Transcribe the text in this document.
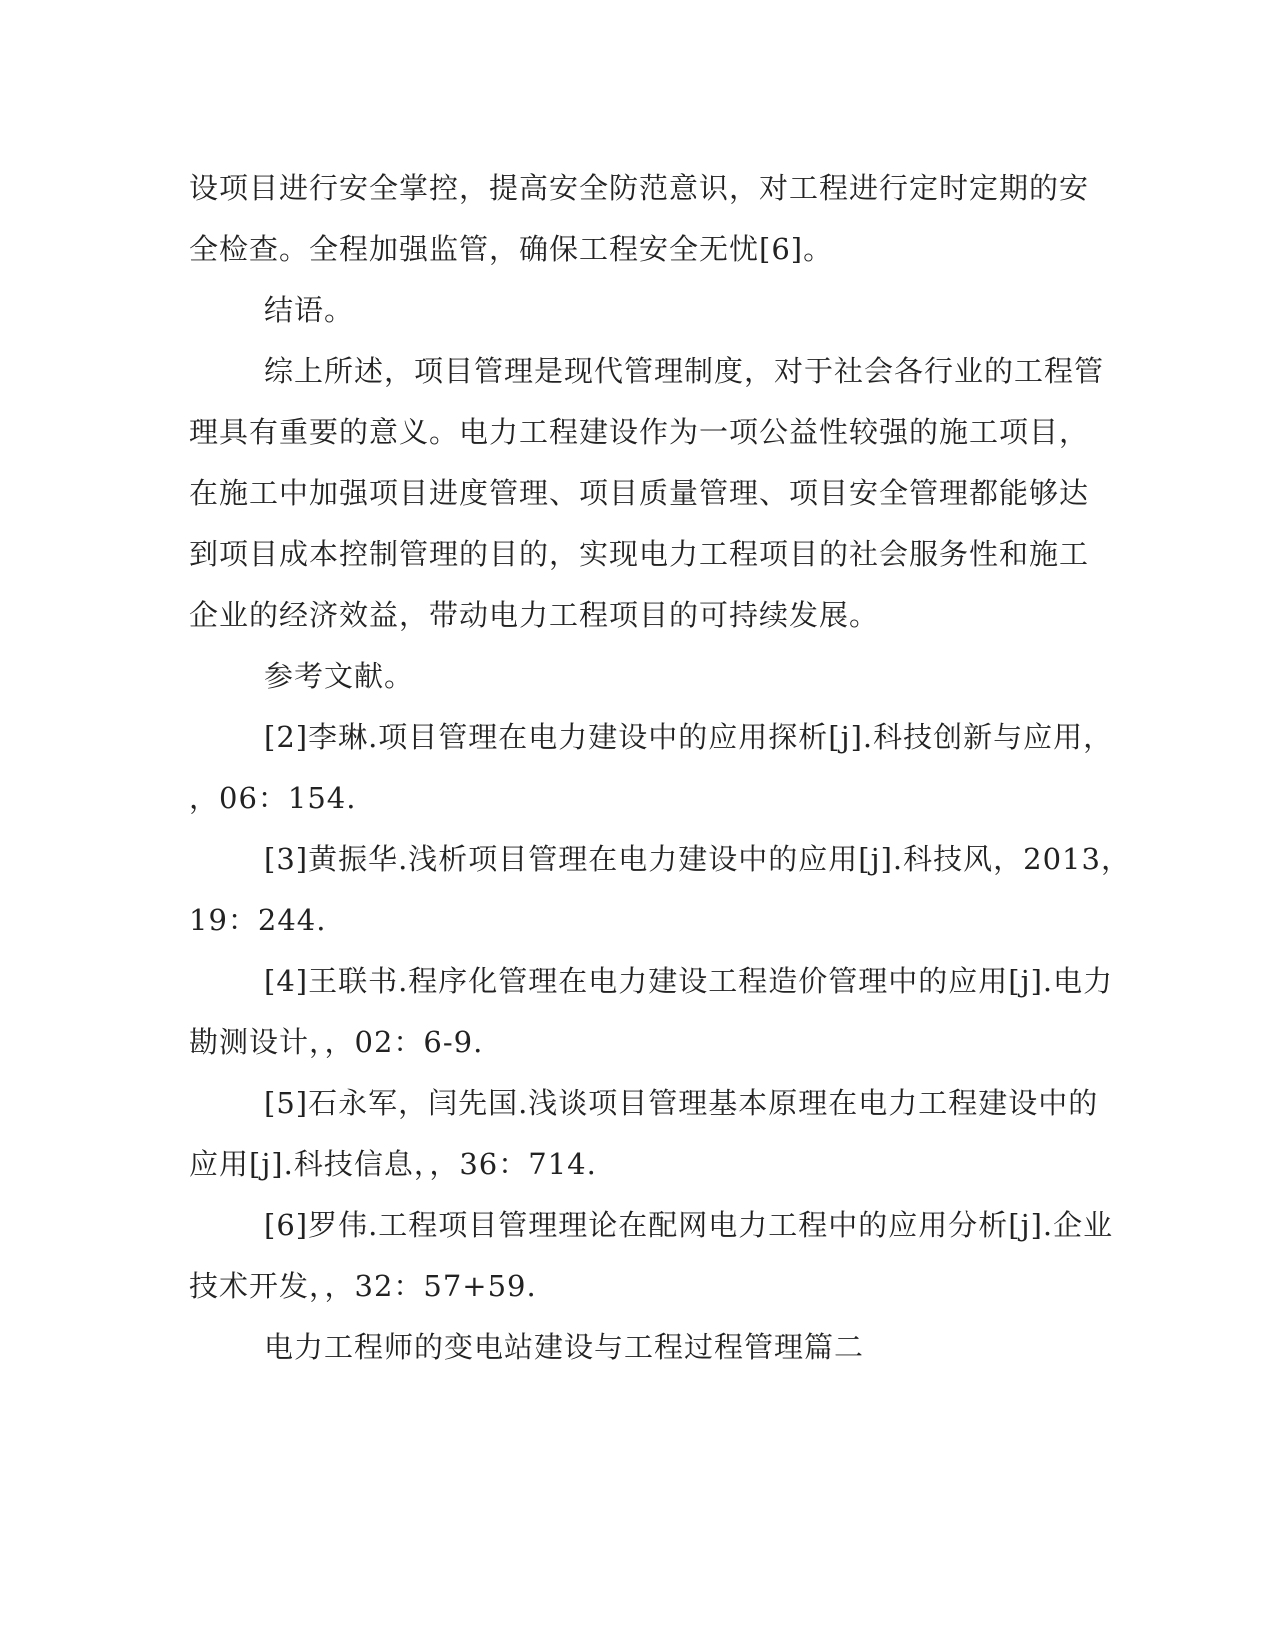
设项目进行安全掌控，提高安全防范意识，对工程进行定时定期的安
全检查。全程加强监管，确保工程安全无忧[6]。
结语。
综上所述，项目管理是现代管理制度，对于社会各行业的工程管
理具有重要的意义。电力工程建设作为一项公益性较强的施工项目，
在施工中加强项目进度管理、项目质量管理、项目安全管理都能够达
到项目成本控制管理的目的，实现电力工程项目的社会服务性和施工
企业的经济效益，带动电力工程项目的可持续发展。
参考文献。
[2]李琳.项目管理在电力建设中的应用探析[j].科技创新与应用，
，06：154.
[3]黄振华.浅析项目管理在电力建设中的应用[j].科技风，2013，
19：244.
[4]王联书.程序化管理在电力建设工程造价管理中的应用[j].电力
勘测设计，，02：6-9.
[5]石永军，闫先国.浅谈项目管理基本原理在电力工程建设中的
应用[j].科技信息，，36：714.
[6]罗伟.工程项目管理理论在配网电力工程中的应用分析[j].企业
技术开发，，32：57+59.
电力工程师的变电站建设与工程过程管理篇二
